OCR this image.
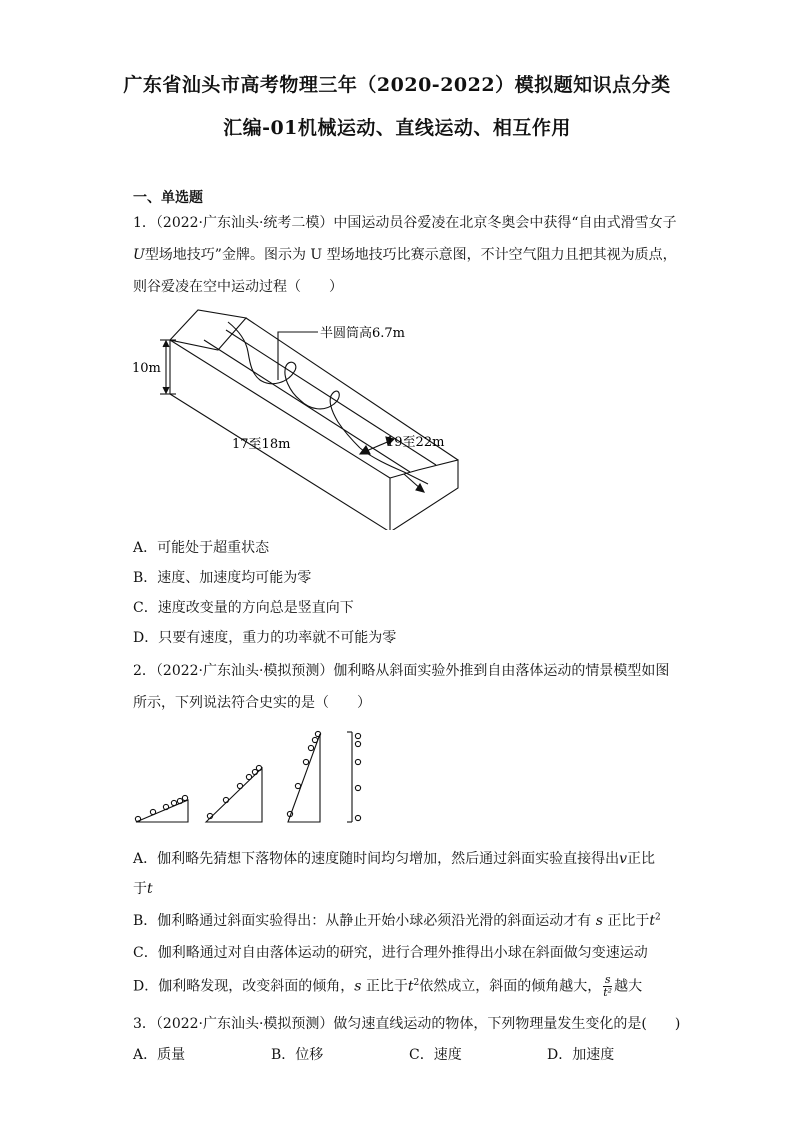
广东省汕头市高考物理三年（2020-2022）模拟题知识点分类
汇编-01机械运动、直线运动、相互作用
一、单选题
1．（2022·广东汕头·统考二模）中国运动员谷爱凌在北京冬奥会中获得“自由式滑雪女子
U型场地技巧”金牌。图示为 U 型场地技巧比赛示意图，不计空气阻力且把其视为质点，
则谷爱凌在空中运动过程（　　）
10m
半圆筒高6.7m
17至18m	19至22m
A．可能处于超重状态
B．速度、加速度均可能为零
C．速度改变量的方向总是竖直向下
D．只要有速度，重力的功率就不可能为零
2．（2022·广东汕头·模拟预测）伽利略从斜面实验外推到自由落体运动的情景模型如图
所示，下列说法符合史实的是（　　）
A．伽利略先猜想下落物体的速度随时间均匀增加，然后通过斜面实验直接得出v正比
于t
B．伽利略通过斜面实验得出：从静止开始小球必须沿光滑的斜面运动才有 s 正比于$t^2$
C．伽利略通过对自由落体运动的研究，进行合理外推得出小球在斜面做匀变速运动
D．伽利略发现，改变斜面的倾角，s 正比于$t^2$依然成立，斜面的倾角越大， $\frac{s}{\text{t²}}$ 越大
3．（2022·广东汕头·模拟预测）做匀速直线运动的物体，下列物理量发生变化的是(　　)
A．质量	B．位移	C．速度	D．加速度
